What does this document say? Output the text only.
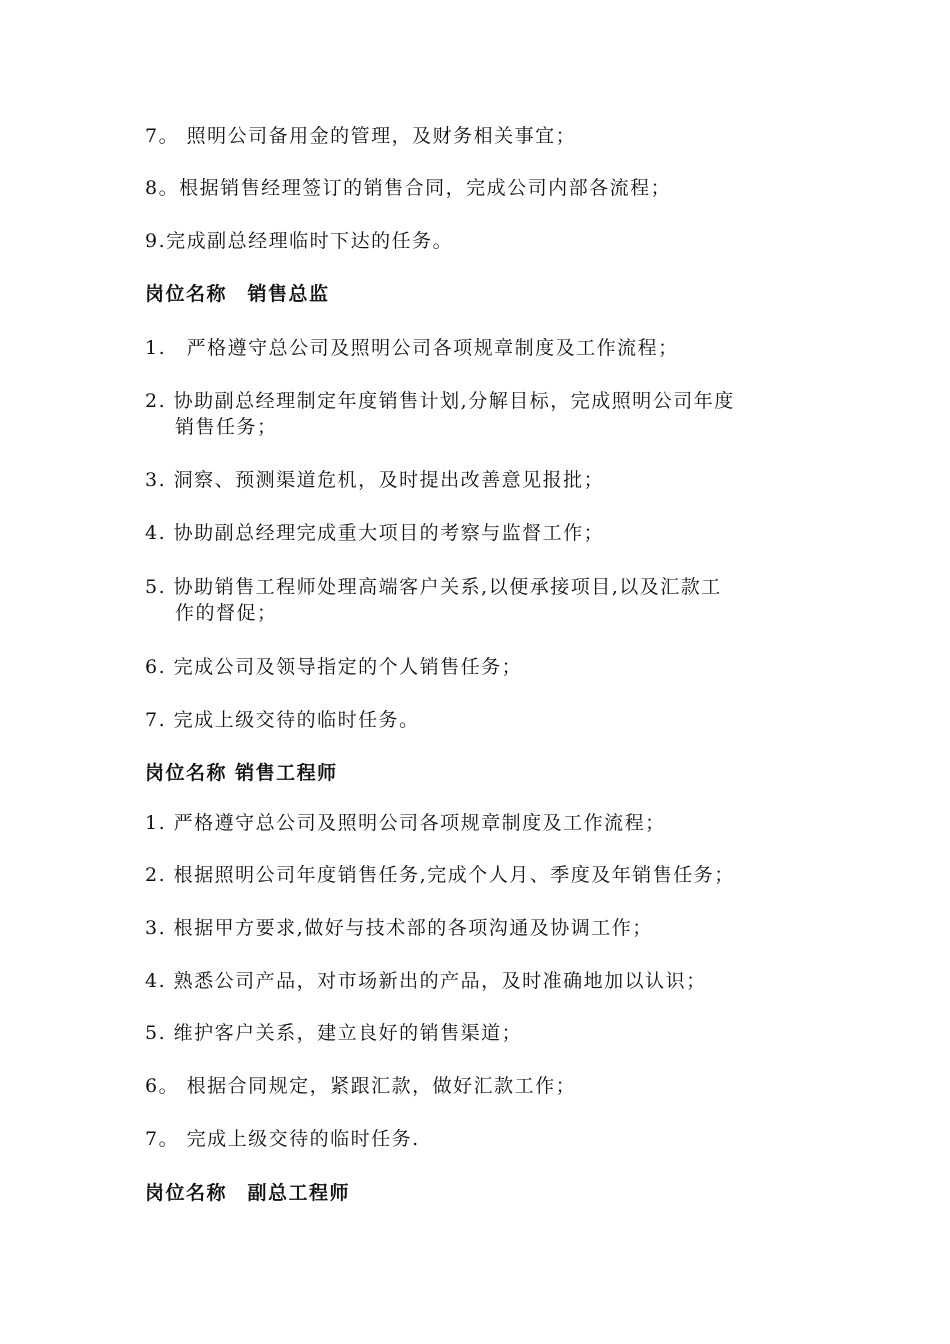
7。 照明公司备用金的管理，及财务相关事宜；
8。根据销售经理签订的销售合同，完成公司内部各流程；
9.完成副总经理临时下达的任务。
岗位名称　销售总监
1.　严格遵守总公司及照明公司各项规章制度及工作流程；
2. 协助副总经理制定年度销售计划,分解目标，完成照明公司年度
销售任务；
3. 洞察、预测渠道危机，及时提出改善意见报批；
4. 协助副总经理完成重大项目的考察与监督工作；
5. 协助销售工程师处理高端客户关系,以便承接项目,以及汇款工
作的督促；
6. 完成公司及领导指定的个人销售任务；
7. 完成上级交待的临时任务。
岗位名称 销售工程师
1. 严格遵守总公司及照明公司各项规章制度及工作流程；
2. 根据照明公司年度销售任务,完成个人月、季度及年销售任务；
3. 根据甲方要求,做好与技术部的各项沟通及协调工作；
4. 熟悉公司产品，对市场新出的产品，及时准确地加以认识；
5. 维护客户关系，建立良好的销售渠道；
6。 根据合同规定，紧跟汇款，做好汇款工作；
7。 完成上级交待的临时任务.
岗位名称　副总工程师
